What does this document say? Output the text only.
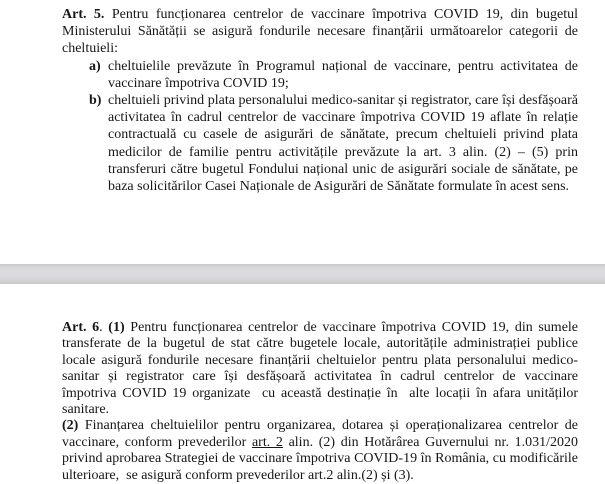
Art. 5. Pentru funcționarea centrelor de vaccinare împotriva COVID 19, din bugetul Ministerului Sănătății se asigură fondurile necesare finanțării următoarelor categorii de cheltuieli:

a) cheltuielile prevăzute în Programul național de vaccinare, pentru activitatea de vaccinare împotriva COVID 19;
b) cheltuieli privind plata personalului medico-sanitar și registrator, care își desfășoară activitatea în cadrul centrelor de vaccinare împotriva COVID 19 aflate în relație contractuală cu casele de asigurări de sănătate, precum cheltuieli privind plata medicilor de familie pentru activitățile prevăzute la art. 3 alin. (2) – (5) prin transferuri către bugetul Fondului național unic de asigurări sociale de sănătate, pe baza solicitărilor Casei Naționale de Asigurări de Sănătate formulate în acest sens.

Art. 6. (1) Pentru funcționarea centrelor de vaccinare împotriva COVID 19, din sumele transferate de la bugetul de stat către bugetele locale, autoritățile administrației publice locale asigură fondurile necesare finanțării cheltuielor pentru plata personalului medico-sanitar și registrator care își desfășoară activitatea în cadrul centrelor de vaccinare împotriva COVID 19 organizate  cu această destinație în  alte locații în afara unităților sanitare.

(2) Finanțarea cheltuielilor pentru organizarea, dotarea și operaționalizarea centrelor de vaccinare, conform prevederilor art. 2 alin. (2) din Hotărârea Guvernului nr. 1.031/2020 privind aprobarea Strategiei de vaccinare împotriva COVID-19 în România, cu modificările ulterioare,  se asigură conform prevederilor art.2 alin.(2) și (3).
